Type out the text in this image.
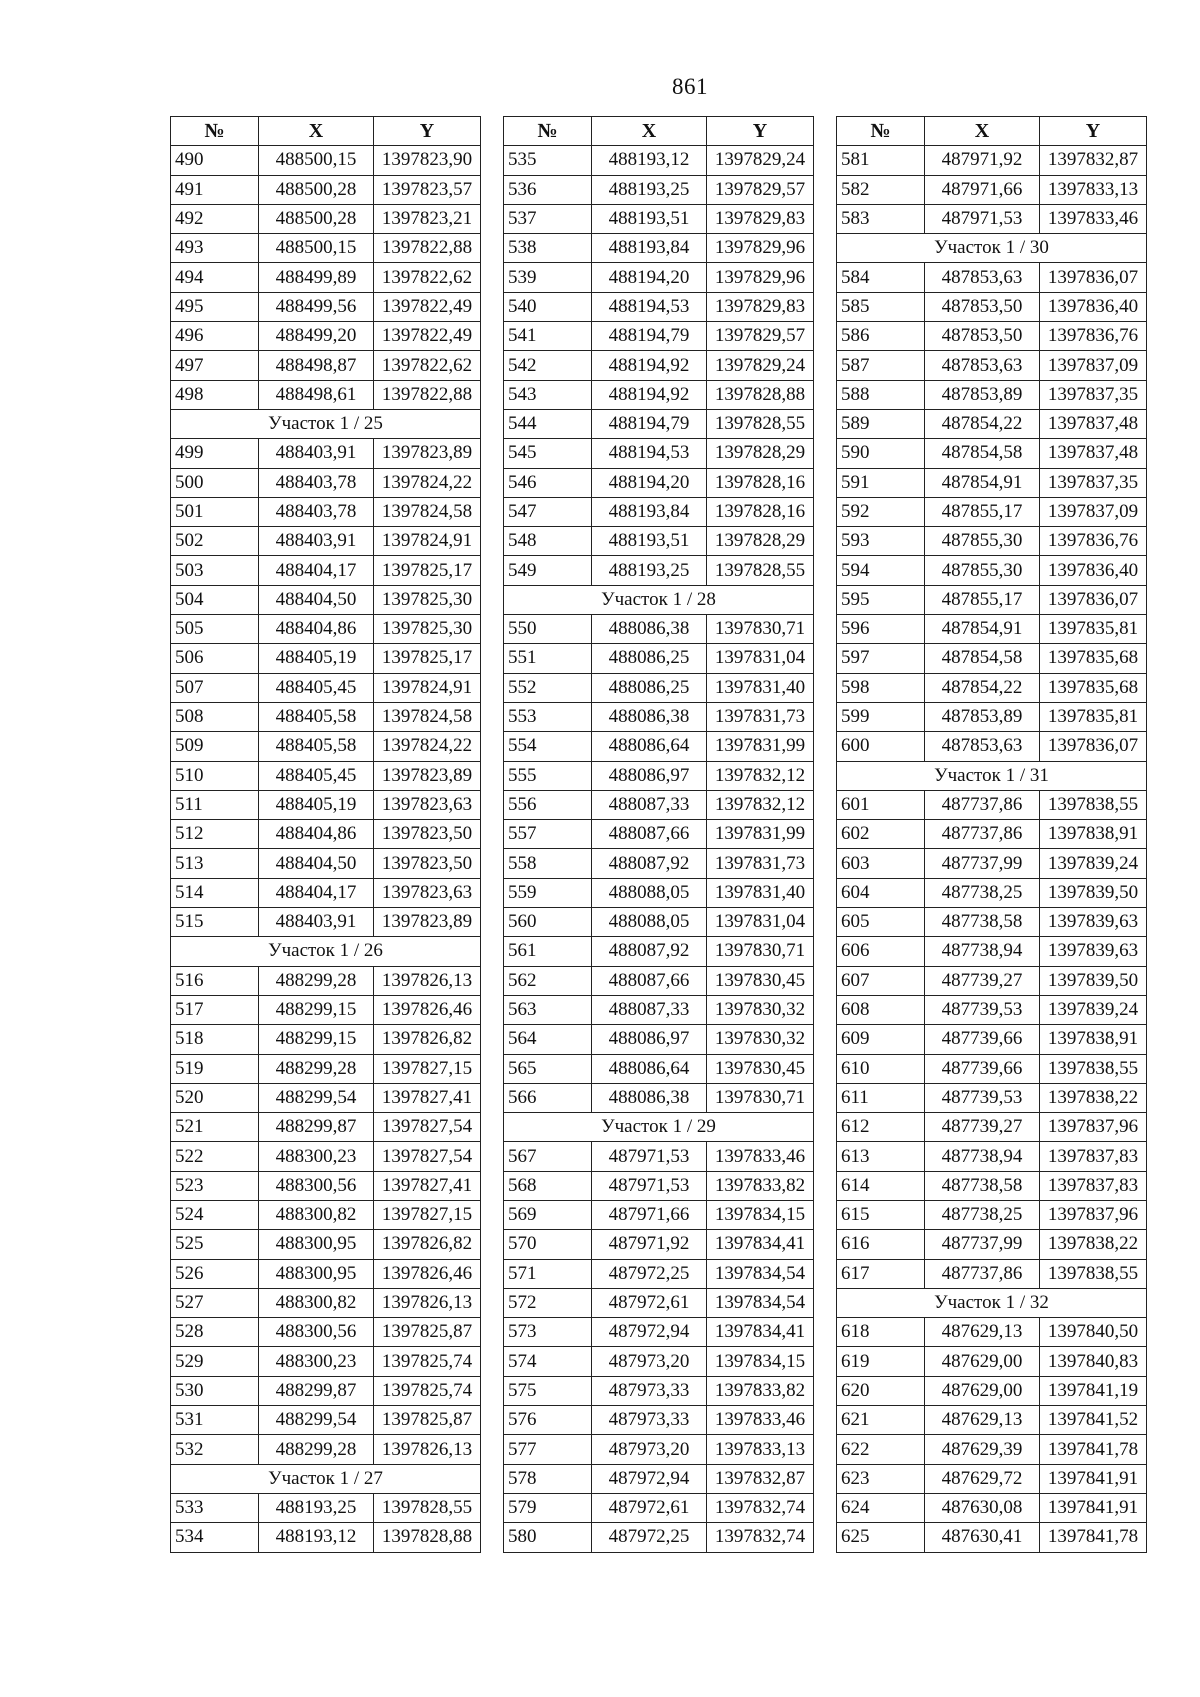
861
№	X	Y
490	488500,15	1397823,90
491	488500,28	1397823,57
492	488500,28	1397823,21
493	488500,15	1397822,88
494	488499,89	1397822,62
495	488499,56	1397822,49
496	488499,20	1397822,49
497	488498,87	1397822,62
498	488498,61	1397822,88
Участок 1 / 25		
499	488403,91	1397823,89
500	488403,78	1397824,22
501	488403,78	1397824,58
502	488403,91	1397824,91
503	488404,17	1397825,17
504	488404,50	1397825,30
505	488404,86	1397825,30
506	488405,19	1397825,17
507	488405,45	1397824,91
508	488405,58	1397824,58
509	488405,58	1397824,22
510	488405,45	1397823,89
511	488405,19	1397823,63
512	488404,86	1397823,50
513	488404,50	1397823,50
514	488404,17	1397823,63
515	488403,91	1397823,89
Участок 1 / 26		
516	488299,28	1397826,13
517	488299,15	1397826,46
518	488299,15	1397826,82
519	488299,28	1397827,15
520	488299,54	1397827,41
521	488299,87	1397827,54
522	488300,23	1397827,54
523	488300,56	1397827,41
524	488300,82	1397827,15
525	488300,95	1397826,82
526	488300,95	1397826,46
527	488300,82	1397826,13
528	488300,56	1397825,87
529	488300,23	1397825,74
530	488299,87	1397825,74
531	488299,54	1397825,87
532	488299,28	1397826,13
Участок 1 / 27		
533	488193,25	1397828,55
534	488193,12	1397828,88
№	X	Y
535	488193,12	1397829,24
536	488193,25	1397829,57
537	488193,51	1397829,83
538	488193,84	1397829,96
539	488194,20	1397829,96
540	488194,53	1397829,83
541	488194,79	1397829,57
542	488194,92	1397829,24
543	488194,92	1397828,88
544	488194,79	1397828,55
545	488194,53	1397828,29
546	488194,20	1397828,16
547	488193,84	1397828,16
548	488193,51	1397828,29
549	488193,25	1397828,55
Участок 1 / 28		
550	488086,38	1397830,71
551	488086,25	1397831,04
552	488086,25	1397831,40
553	488086,38	1397831,73
554	488086,64	1397831,99
555	488086,97	1397832,12
556	488087,33	1397832,12
557	488087,66	1397831,99
558	488087,92	1397831,73
559	488088,05	1397831,40
560	488088,05	1397831,04
561	488087,92	1397830,71
562	488087,66	1397830,45
563	488087,33	1397830,32
564	488086,97	1397830,32
565	488086,64	1397830,45
566	488086,38	1397830,71
Участок 1 / 29		
567	487971,53	1397833,46
568	487971,53	1397833,82
569	487971,66	1397834,15
570	487971,92	1397834,41
571	487972,25	1397834,54
572	487972,61	1397834,54
573	487972,94	1397834,41
574	487973,20	1397834,15
575	487973,33	1397833,82
576	487973,33	1397833,46
577	487973,20	1397833,13
578	487972,94	1397832,87
579	487972,61	1397832,74
580	487972,25	1397832,74
№	X	Y
581	487971,92	1397832,87
582	487971,66	1397833,13
583	487971,53	1397833,46
Участок 1 / 30		
584	487853,63	1397836,07
585	487853,50	1397836,40
586	487853,50	1397836,76
587	487853,63	1397837,09
588	487853,89	1397837,35
589	487854,22	1397837,48
590	487854,58	1397837,48
591	487854,91	1397837,35
592	487855,17	1397837,09
593	487855,30	1397836,76
594	487855,30	1397836,40
595	487855,17	1397836,07
596	487854,91	1397835,81
597	487854,58	1397835,68
598	487854,22	1397835,68
599	487853,89	1397835,81
600	487853,63	1397836,07
Участок 1 / 31		
601	487737,86	1397838,55
602	487737,86	1397838,91
603	487737,99	1397839,24
604	487738,25	1397839,50
605	487738,58	1397839,63
606	487738,94	1397839,63
607	487739,27	1397839,50
608	487739,53	1397839,24
609	487739,66	1397838,91
610	487739,66	1397838,55
611	487739,53	1397838,22
612	487739,27	1397837,96
613	487738,94	1397837,83
614	487738,58	1397837,83
615	487738,25	1397837,96
616	487737,99	1397838,22
617	487737,86	1397838,55
Участок 1 / 32		
618	487629,13	1397840,50
619	487629,00	1397840,83
620	487629,00	1397841,19
621	487629,13	1397841,52
622	487629,39	1397841,78
623	487629,72	1397841,91
624	487630,08	1397841,91
625	487630,41	1397841,78
